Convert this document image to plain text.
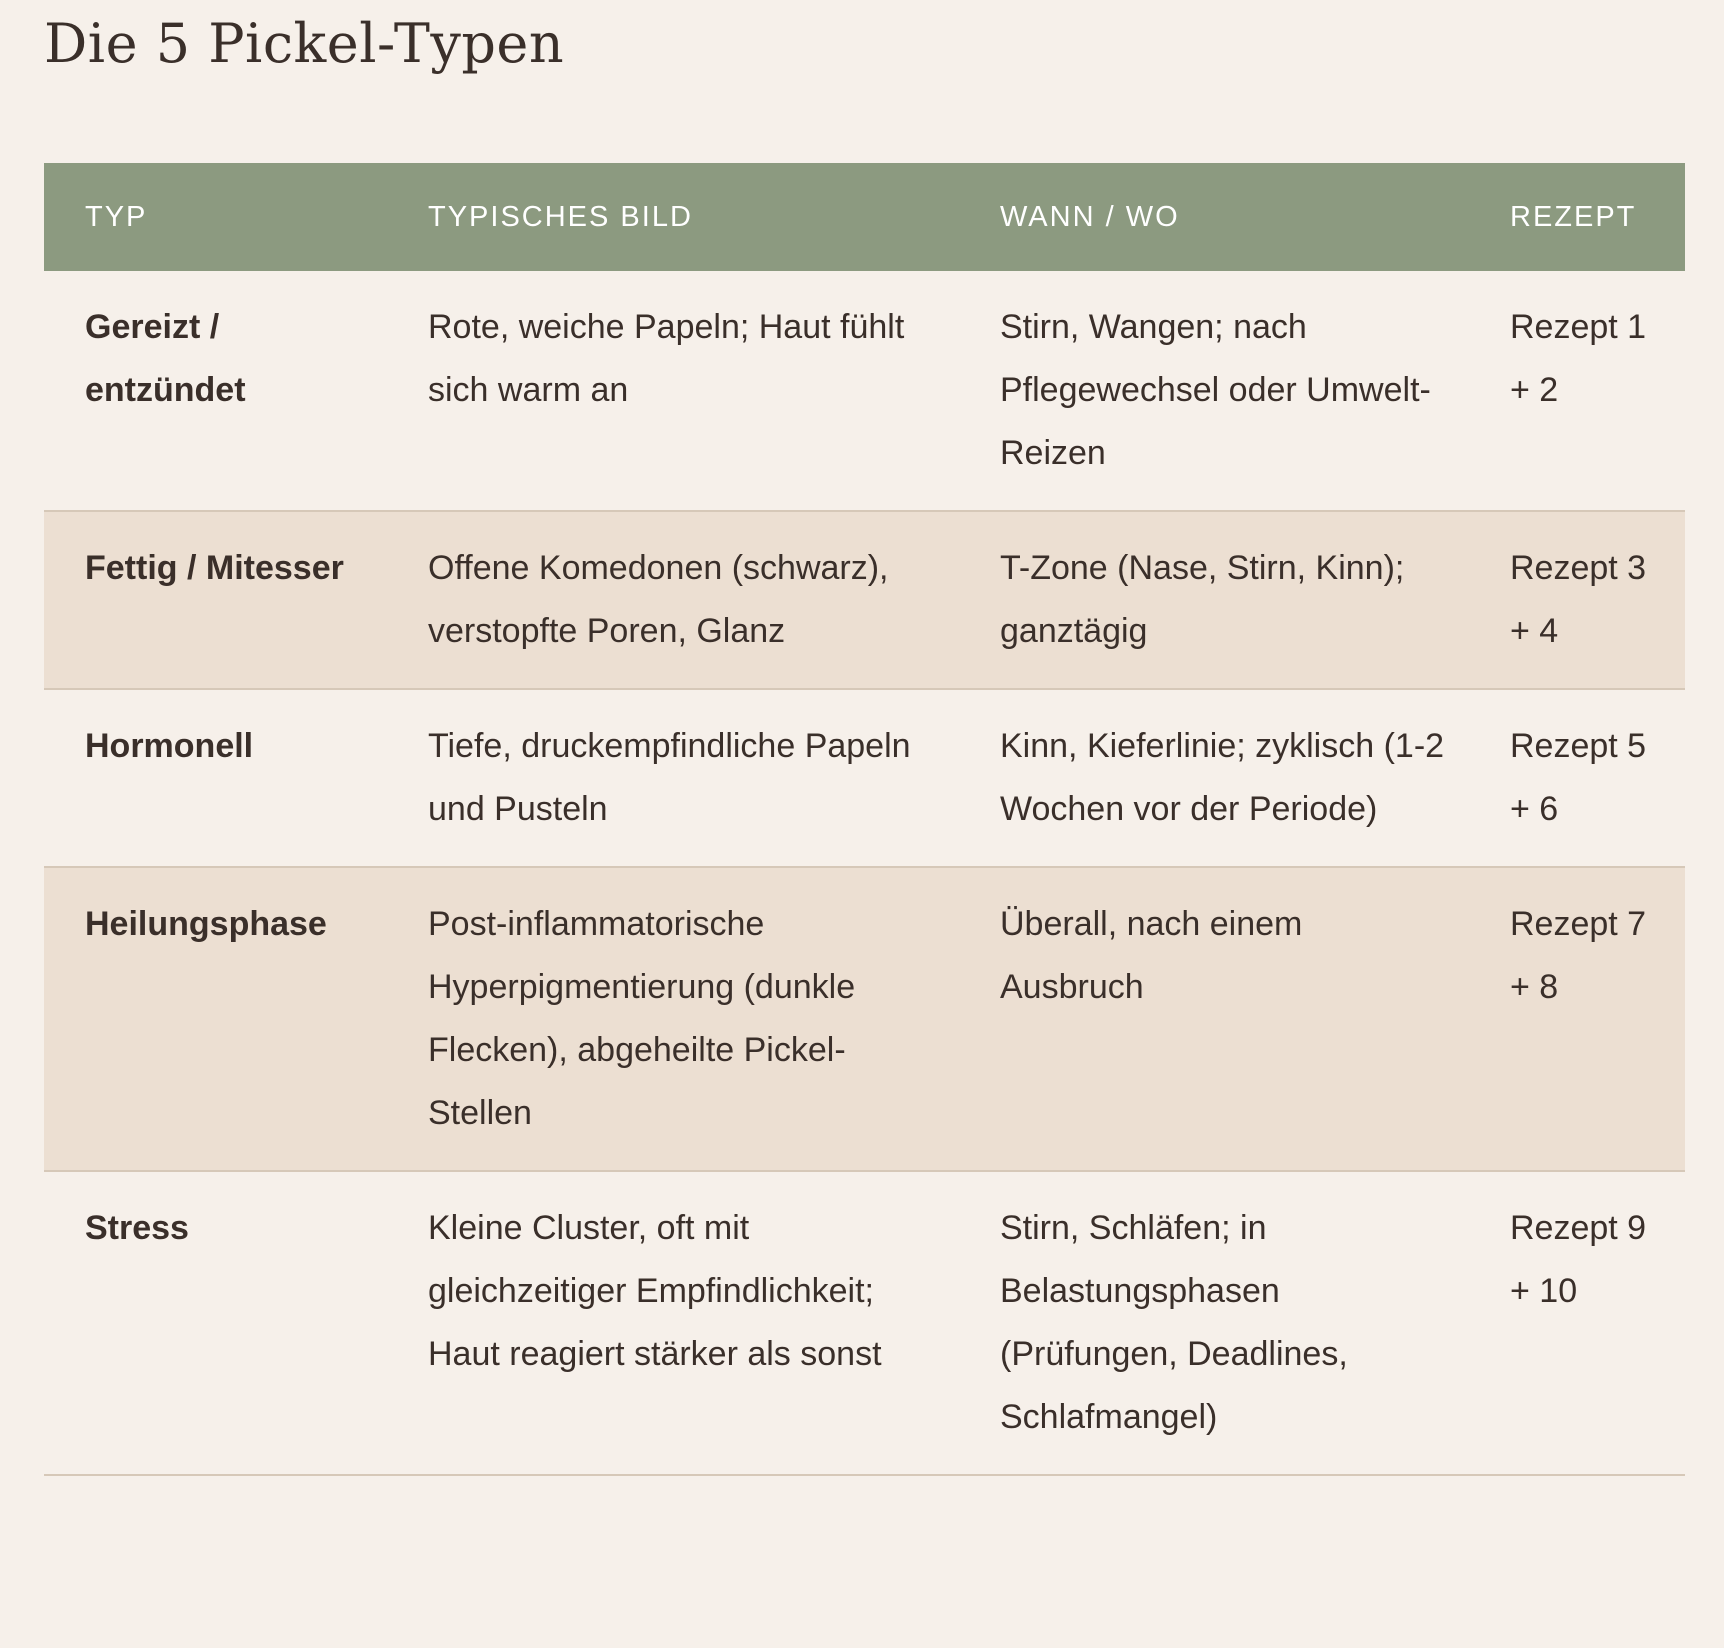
Die 5 Pickel-Typen
TYP	TYPISCHES BILD	WANN / WO	REZEPT
Gereizt / entzündet	Rote, weiche Papeln; Haut fühlt sich warm an	Stirn, Wangen; nach Pflegewechsel oder Umwelt-Reizen	Rezept 1 + 2
Fettig / Mitesser	Offene Komedonen (schwarz), verstopfte Poren, Glanz	T-Zone (Nase, Stirn, Kinn); ganztägig	Rezept 3 + 4
Hormonell	Tiefe, druckempfindliche Papeln und Pusteln	Kinn, Kieferlinie; zyklisch (1-2 Wochen vor der Periode)	Rezept 5 + 6
Heilungsphase	Post-inflammatorische Hyperpigmentierung (dunkle Flecken), abgeheilte Pickel-Stellen	Überall, nach einem Ausbruch	Rezept 7 + 8
Stress	Kleine Cluster, oft mit gleichzeitiger Empfindlichkeit; Haut reagiert stärker als sonst	Stirn, Schläfen; in Belastungsphasen (Prüfungen, Deadlines, Schlafmangel)	Rezept 9 + 10
